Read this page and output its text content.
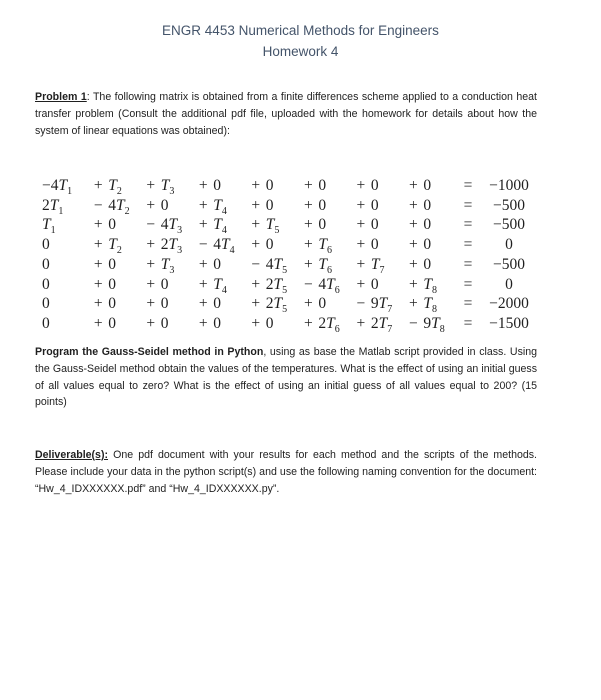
ENGR 4453 Numerical Methods for Engineers
Homework 4
Problem 1: The following matrix is obtained from a finite differences scheme applied to a conduction heat transfer problem (Consult the additional pdf file, uploaded with the homework for details about how the system of linear equations was obtained):
$-4T_1$	+	$T_2$	+	$T_3$	+	0	+	0	+	0	+	0	+	0	=	−1000
$2T_1$	−	$4T_2$	+	0	+	$T_4$	+	0	+	0	+	0	+	0	=	−500
$T_1$	+	0	−	$4T_3$	+	$T_4$	+	$T_5$	+	0	+	0	+	0	=	−500
0	+	$T_2$	+	$2T_3$	−	$4T_4$	+	0	+	$T_6$	+	0	+	0	=	0
0	+	0	+	$T_3$	+	0	−	$4T_5$	+	$T_6$	+	$T_7$	+	0	=	−500
0	+	0	+	0	+	$T_4$	+	$2T_5$	−	$4T_6$	+	0	+	$T_8$	=	0
0	+	0	+	0	+	0	+	$2T_5$	+	0	−	$9T_7$	+	$T_8$	=	−2000
0	+	0	+	0	+	0	+	0	+	$2T_6$	+	$2T_7$	−	$9T_8$	=	−1500
Program the Gauss-Seidel method in Python, using as base the Matlab script provided in class. Using the Gauss-Seidel method obtain the values of the temperatures. What is the effect of using an initial guess of all values equal to zero? What is the effect of using an initial guess of all values equal to 200? (15 points)
Deliverable(s): One pdf document with your results for each method and the scripts of the methods. Please include your data in the python script(s) and use the following naming convention for the document: “Hw_4_IDXXXXXX.pdf” and “Hw_4_IDXXXXXX.py”.
